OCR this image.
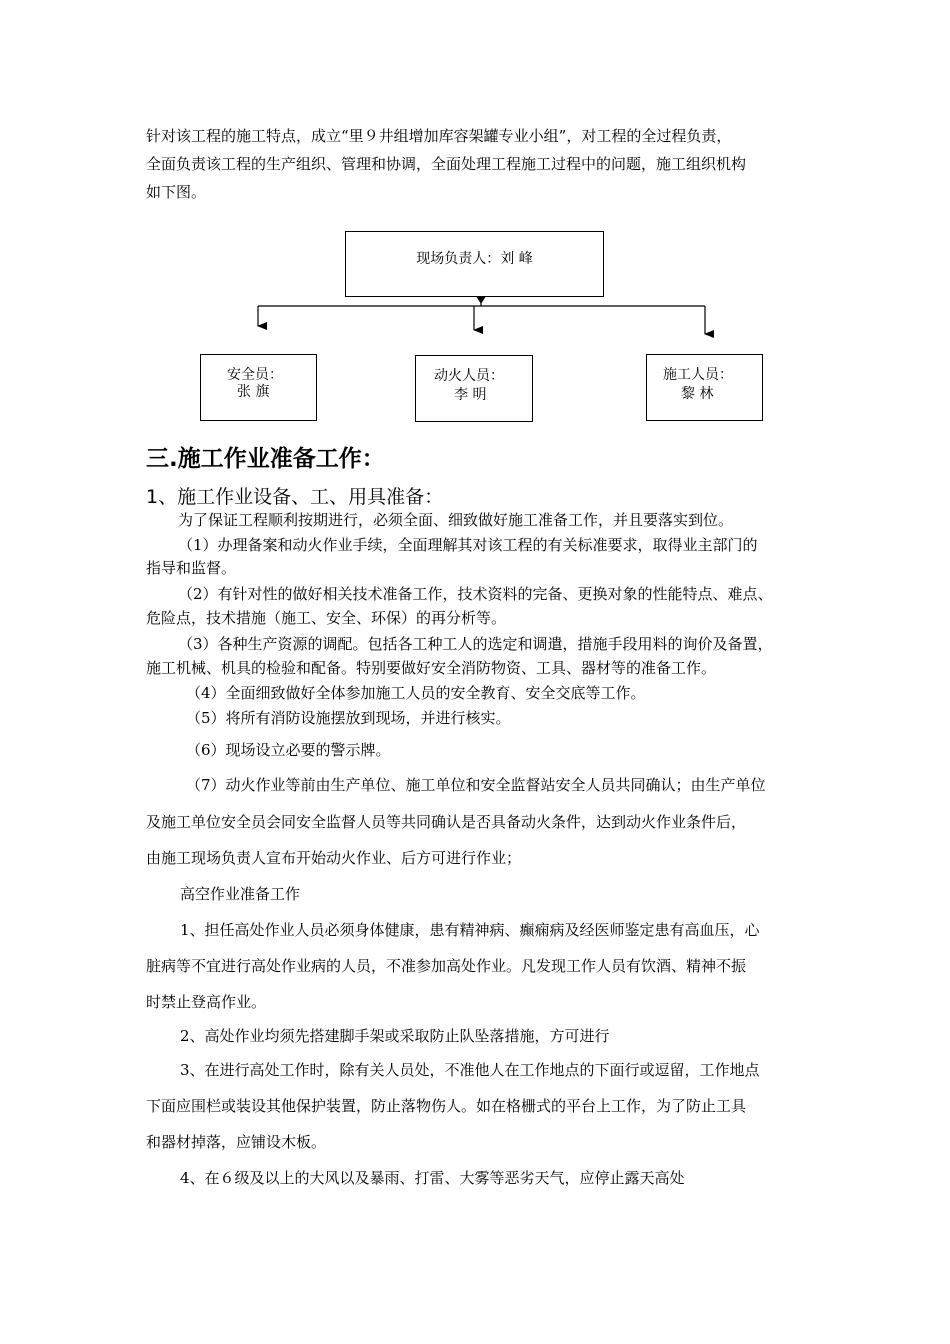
针对该工程的施工特点，成立“里９井组增加库容架罐专业小组”，对工程的全过程负责，
全面负责该工程的生产组织、管理和协调，全面处理工程施工过程中的问题，施工组织机构
如下图。
现场负责人：刘 峰
安全员：
张 旗
动火人员：
李 明
施工人员：
黎 林
三.施工作业准备工作：
1、施工作业设备、工、用具准备：
为了保证工程顺利按期进行，必须全面、细致做好施工准备工作，并且要落实到位。
（1）办理备案和动火作业手续，全面理解其对该工程的有关标准要求，取得业主部门的
指导和监督。
（2）有针对性的做好相关技术准备工作，技术资料的完备、更换对象的性能特点、难点、
危险点，技术措施（施工、安全、环保）的再分析等。
（3）各种生产资源的调配。包括各工种工人的选定和调遣，措施手段用料的询价及备置，
施工机械、机具的检验和配备。特别要做好安全消防物资、工具、器材等的准备工作。
（4）全面细致做好全体参加施工人员的安全教育、安全交底等工作。
（5）将所有消防设施摆放到现场，并进行核实。
（6）现场设立必要的警示牌。
（7）动火作业等前由生产单位、施工单位和安全监督站安全人员共同确认；由生产单位
及施工单位安全员会同安全监督人员等共同确认是否具备动火条件，达到动火作业条件后，
由施工现场负责人宣布开始动火作业、后方可进行作业；
高空作业准备工作
1、担任高处作业人员必须身体健康，患有精神病、癫痫病及经医师鉴定患有高血压，心
脏病等不宜进行高处作业病的人员，不准参加高处作业。凡发现工作人员有饮酒、精神不振
时禁止登高作业。
2、高处作业均须先搭建脚手架或采取防止队坠落措施，方可进行
3、在进行高处工作时，除有关人员处，不准他人在工作地点的下面行或逗留，工作地点
下面应围栏或装设其他保护装置，防止落物伤人。如在格栅式的平台上工作，为了防止工具
和器材掉落，应铺设木板。
4、在６级及以上的大风以及暴雨、打雷、大雾等恶劣天气，应停止露天高处
